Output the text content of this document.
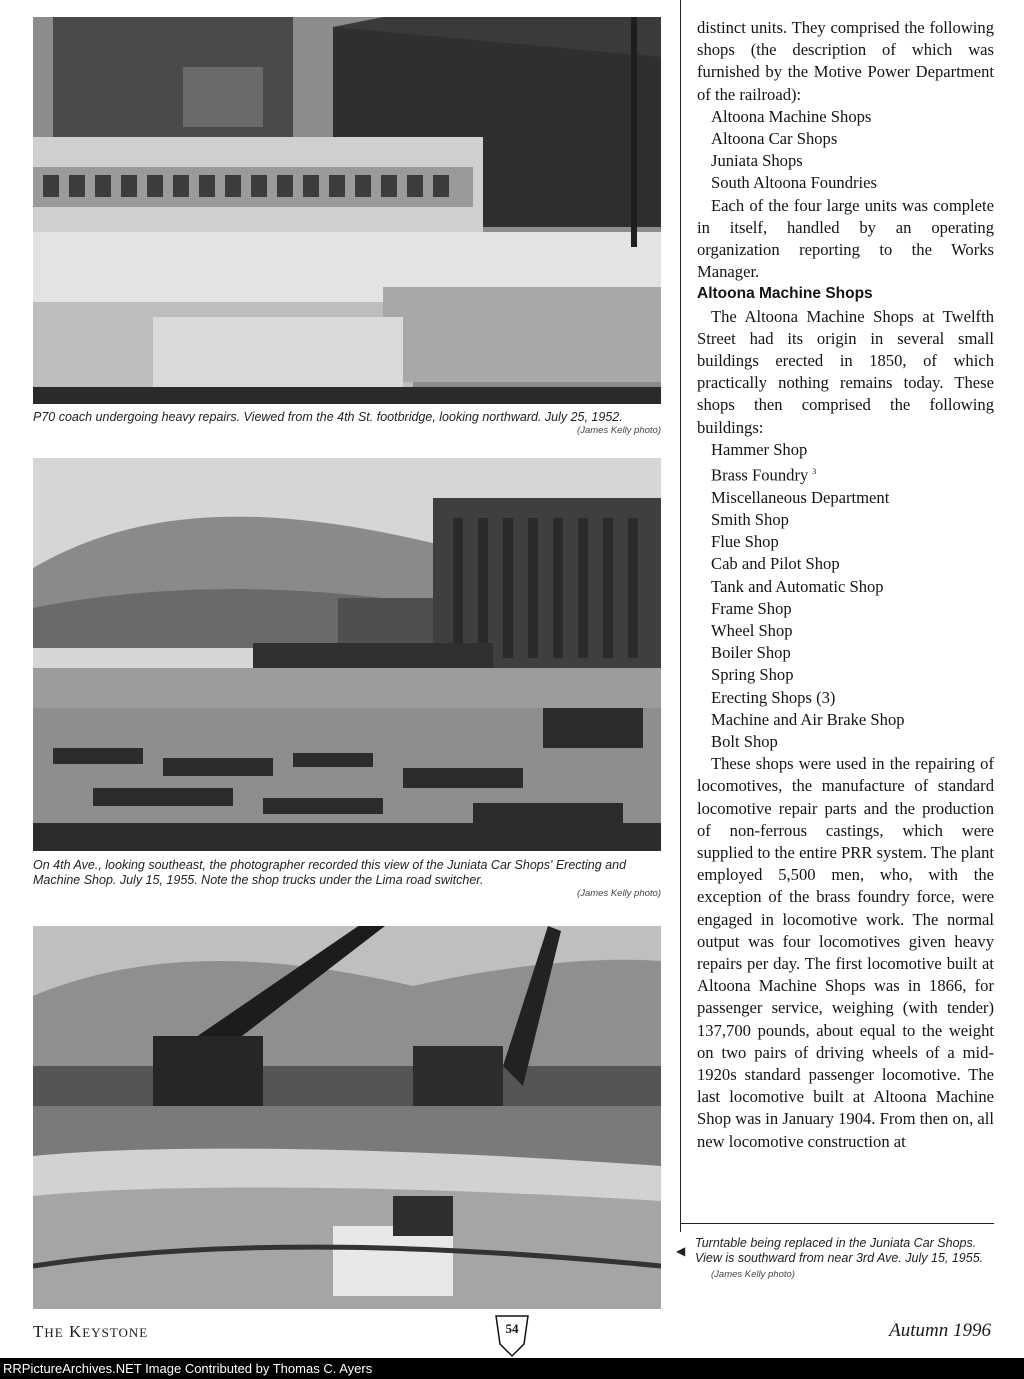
P70 coach undergoing heavy repairs. Viewed from the 4th St. footbridge, looking northward. July 25, 1952.
(James Kelly photo)
On 4th Ave., looking southeast, the photographer recorded this view of the Juniata Car Shops' Erecting and Machine Shop. July 15, 1955. Note the shop trucks under the Lima road switcher.
(James Kelly photo)

distinct units. They comprised the following shops (the description of which was furnished by the Motive Power Department of the railroad):

Altoona Machine Shops
Altoona Car Shops
Juniata Shops
South Altoona Foundries

Each of the four large units was complete in itself, handled by an operating organization reporting to the Works Manager.

Altoona Machine Shops

The Altoona Machine Shops at Twelfth Street had its origin in several small buildings erected in 1850, of which practically nothing remains today. These shops then comprised the following buildings:

Hammer Shop
Brass Foundry $^3$
Miscellaneous Department
Smith Shop
Flue Shop
Cab and Pilot Shop
Tank and Automatic Shop
Frame Shop
Wheel Shop
Boiler Shop
Spring Shop
Erecting Shops (3)
Machine and Air Brake Shop
Bolt Shop

These shops were used in the repairing of locomotives, the manufacture of standard locomotive repair parts and the production of non-ferrous castings, which were supplied to the entire PRR system. The plant employed 5,500 men, who, with the exception of the brass foundry force, were engaged in locomotive work. The normal output was four locomotives given heavy repairs per day. The first locomotive built at Altoona Machine Shops was in 1866, for passenger service, weighing (with tender) 137,700 pounds, about equal to the weight on two pairs of driving wheels of a mid-1920s standard passenger locomotive. The last locomotive built at Altoona Machine Shop was in January 1904. From then on, all new locomotive construction at

◀
Turntable being replaced in the Juniata Car Shops. View is southward from near 3rd Ave. July 15, 1955.(James Kelly photo)
THE KEYSTONE	54	Autumn 1996
RRPictureArchives.NET Image Contributed by Thomas C. Ayers
